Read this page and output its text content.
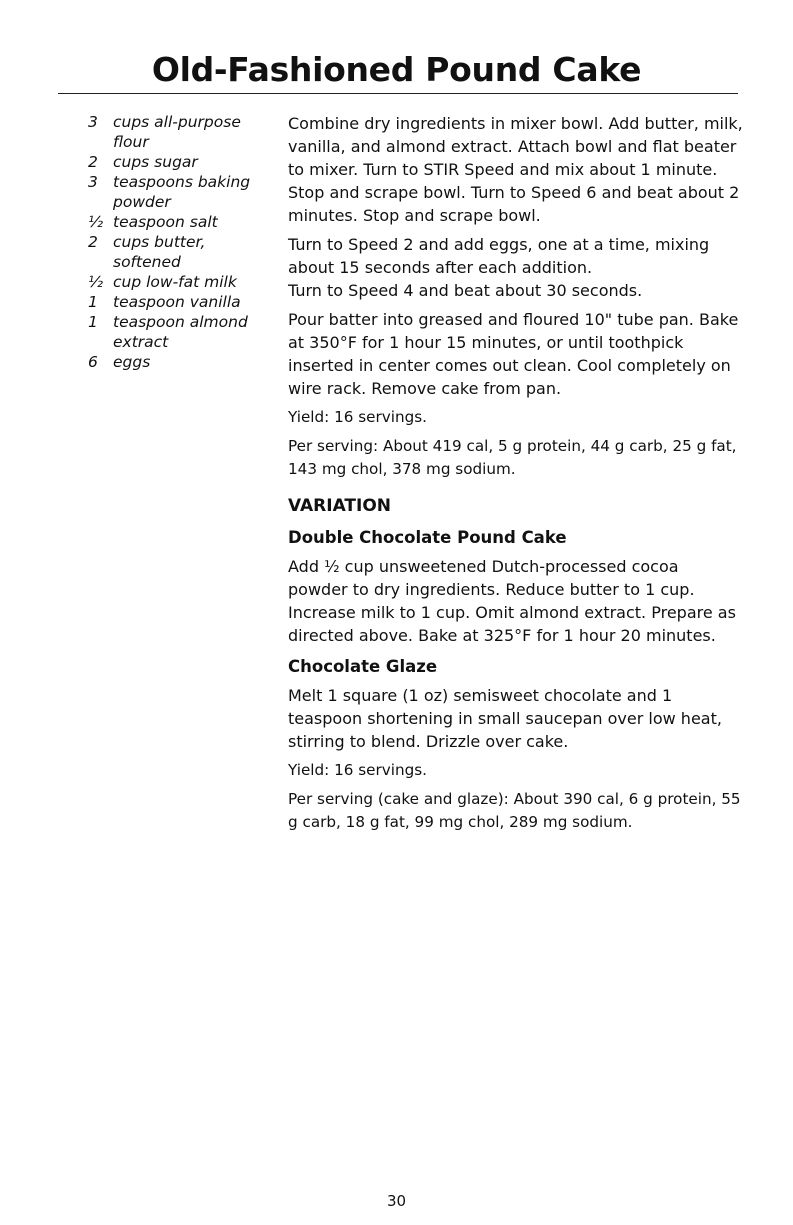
Old-Fashioned Pound Cake
3 cups all-purpose flour
2 cups sugar
3 teaspoons baking powder
½ teaspoon salt
2 cups butter, softened
½ cup low-fat milk
1 teaspoon vanilla
1 teaspoon almond extract
6 eggs

Combine dry ingredients in mixer bowl. Add butter, milk, vanilla, and almond extract. Attach bowl and flat beater to mixer. Turn to STIR Speed and mix about 1 minute. Stop and scrape bowl. Turn to Speed 6 and beat about 2 minutes. Stop and scrape bowl.

Turn to Speed 2 and add eggs, one at a time, mixing about 15 seconds after each addition.

Turn to Speed 4 and beat about 30 seconds.

Pour batter into greased and floured 10" tube pan. Bake at 350°F for 1 hour 15 minutes, or until toothpick inserted in center comes out clean. Cool completely on wire rack. Remove cake from pan.

Yield: 16 servings.

Per serving: About 419 cal, 5 g protein, 44 g carb, 25 g fat, 143 mg chol, 378 mg sodium.

VARIATION
Double Chocolate Pound Cake

Add ½ cup unsweetened Dutch-processed cocoa powder to dry ingredients. Reduce butter to 1 cup. Increase milk to 1 cup. Omit almond extract. Prepare as directed above. Bake at 325°F for 1 hour 20 minutes.

Chocolate Glaze

Melt 1 square (1 oz) semisweet chocolate and 1 teaspoon shortening in small saucepan over low heat, stirring to blend. Drizzle over cake.

Yield: 16 servings.

Per serving (cake and glaze): About 390 cal, 6 g protein, 55 g carb, 18 g fat, 99 mg chol, 289 mg sodium.

30
